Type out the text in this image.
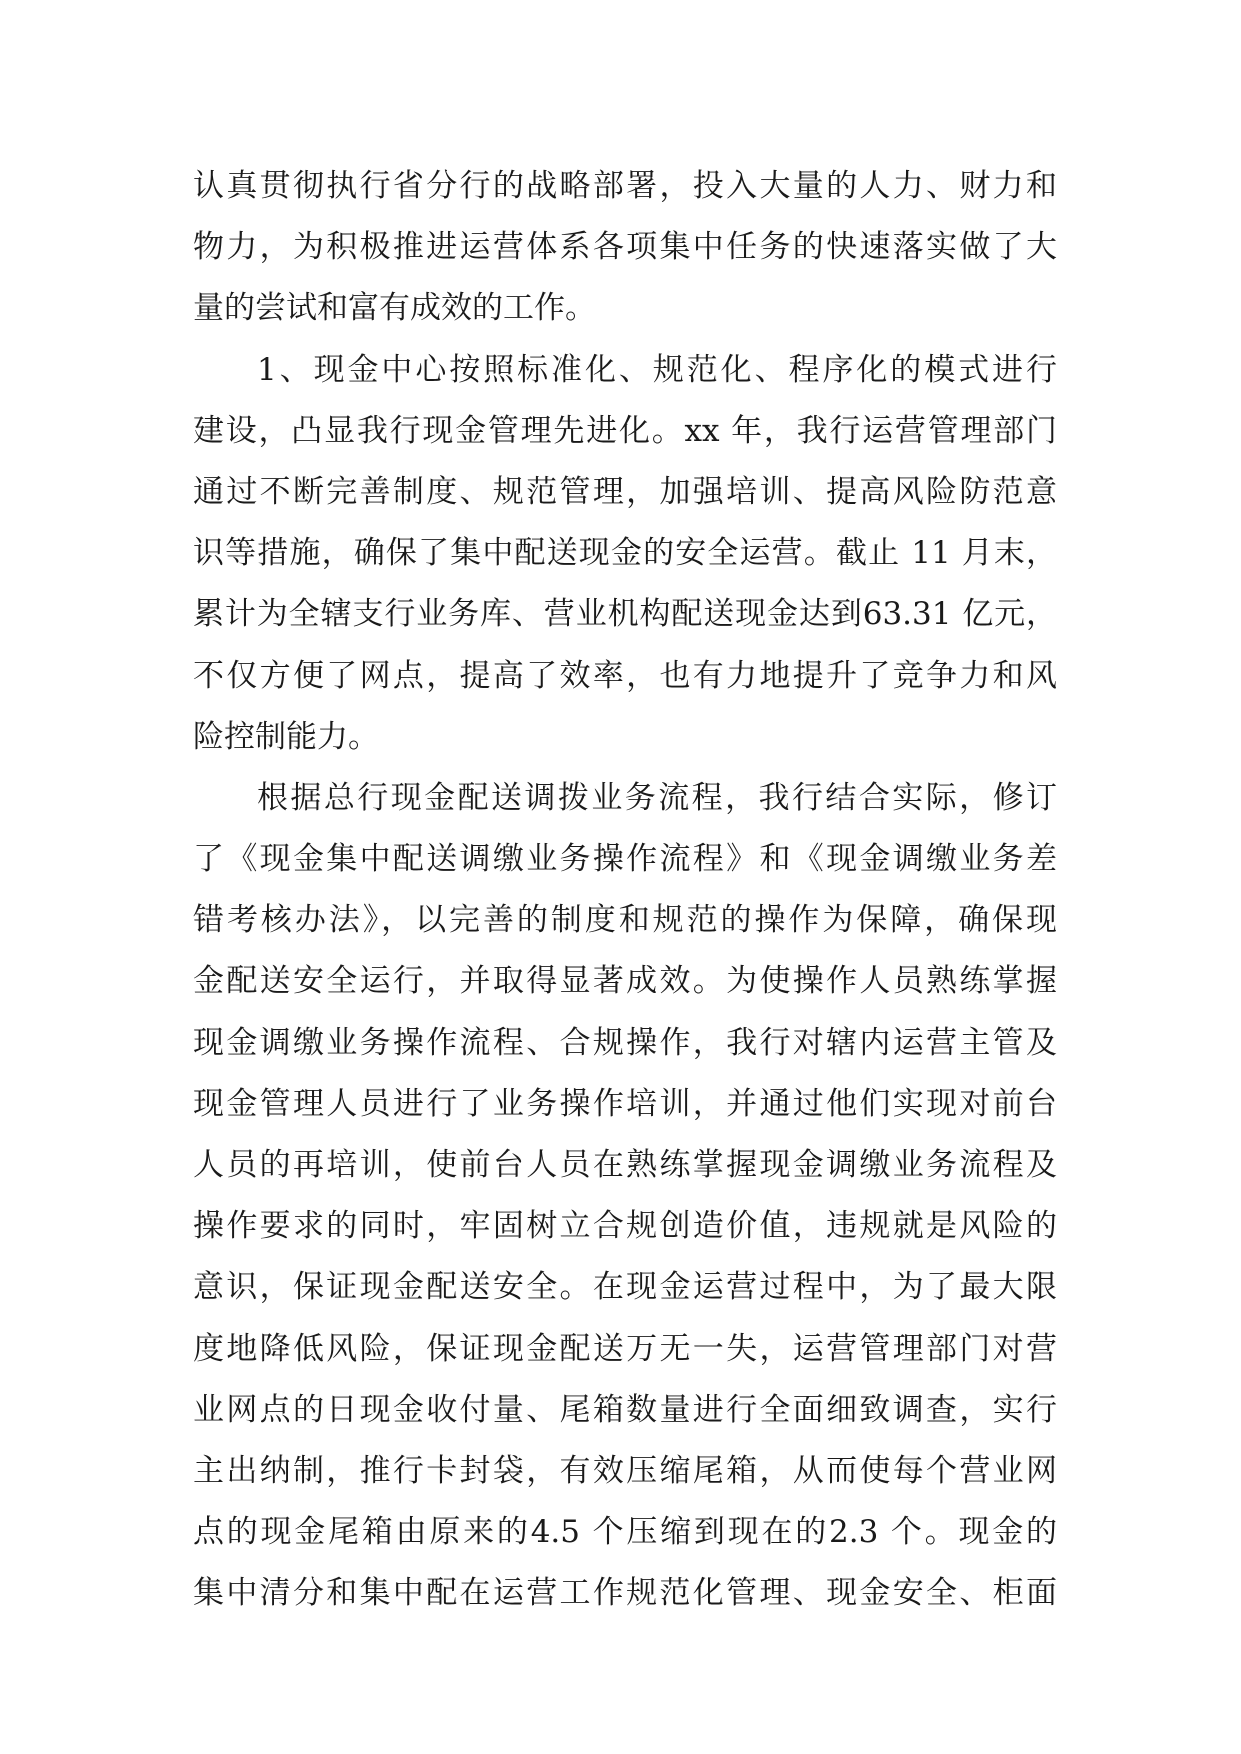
认真贯彻执行省分行的战略部署，投入大量的人力、财力和
物力，为积极推进运营体系各项集中任务的快速落实做了大
量的尝试和富有成效的工作。
1、现金中心按照标准化、规范化、程序化的模式进行
建设，凸显我行现金管理先进化。xx 年，我行运营管理部门
通过不断完善制度、规范管理，加强培训、提高风险防范意
识等措施，确保了集中配送现金的安全运营。截止 11 月末，
累计为全辖支行业务库、营业机构配送现金达到63.31 亿元，
不仅方便了网点，提高了效率，也有力地提升了竞争力和风
险控制能力。
根据总行现金配送调拨业务流程，我行结合实际，修订
了《现金集中配送调缴业务操作流程》和《现金调缴业务差
错考核办法》，以完善的制度和规范的操作为保障，确保现
金配送安全运行，并取得显著成效。为使操作人员熟练掌握
现金调缴业务操作流程、合规操作，我行对辖内运营主管及
现金管理人员进行了业务操作培训，并通过他们实现对前台
人员的再培训，使前台人员在熟练掌握现金调缴业务流程及
操作要求的同时，牢固树立合规创造价值，违规就是风险的
意识，保证现金配送安全。在现金运营过程中，为了最大限
度地降低风险，保证现金配送万无一失，运营管理部门对营
业网点的日现金收付量、尾箱数量进行全面细致调查，实行
主出纳制，推行卡封袋，有效压缩尾箱，从而使每个营业网
点的现金尾箱由原来的4.5 个压缩到现在的2.3 个。现金的
集中清分和集中配在运营工作规范化管理、现金安全、柜面
